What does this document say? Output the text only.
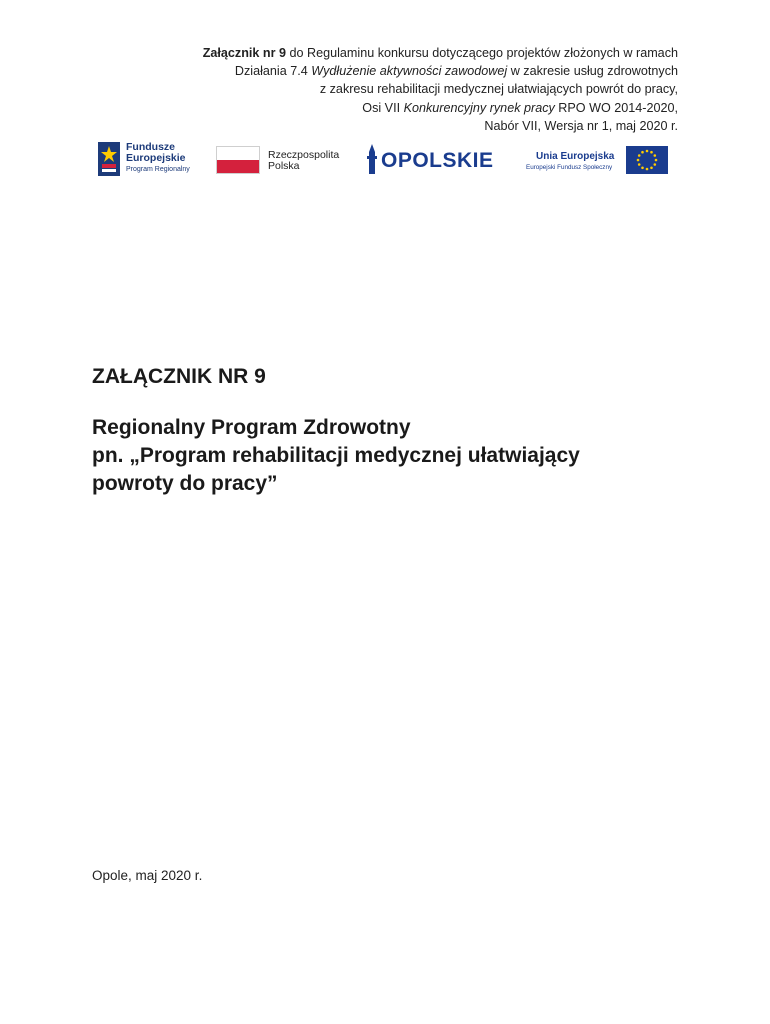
Załącznik nr 9 do Regulaminu konkursu dotyczącego projektów złożonych w ramach
Działania 7.4 Wydłużenie aktywności zawodowej w zakresie usług zdrowotnych
z zakresu rehabilitacji medycznej ułatwiających powrót do pracy,
Osi VII Konkurencyjny rynek pracy RPO WO 2014-2020,
Nabór VII, Wersja nr 1, maj 2020 r.
Fundusze
Europejskie
Program Regionalny
Rzeczpospolita
Polska	OPOLSKIE	Unia Europejska
Europejski Fundusz Społeczny
ZAŁĄCZNIK NR 9
Regionalny Program Zdrowotny
pn. „Program rehabilitacji medycznej ułatwiający
powroty do pracy”
Opole, maj 2020 r.
